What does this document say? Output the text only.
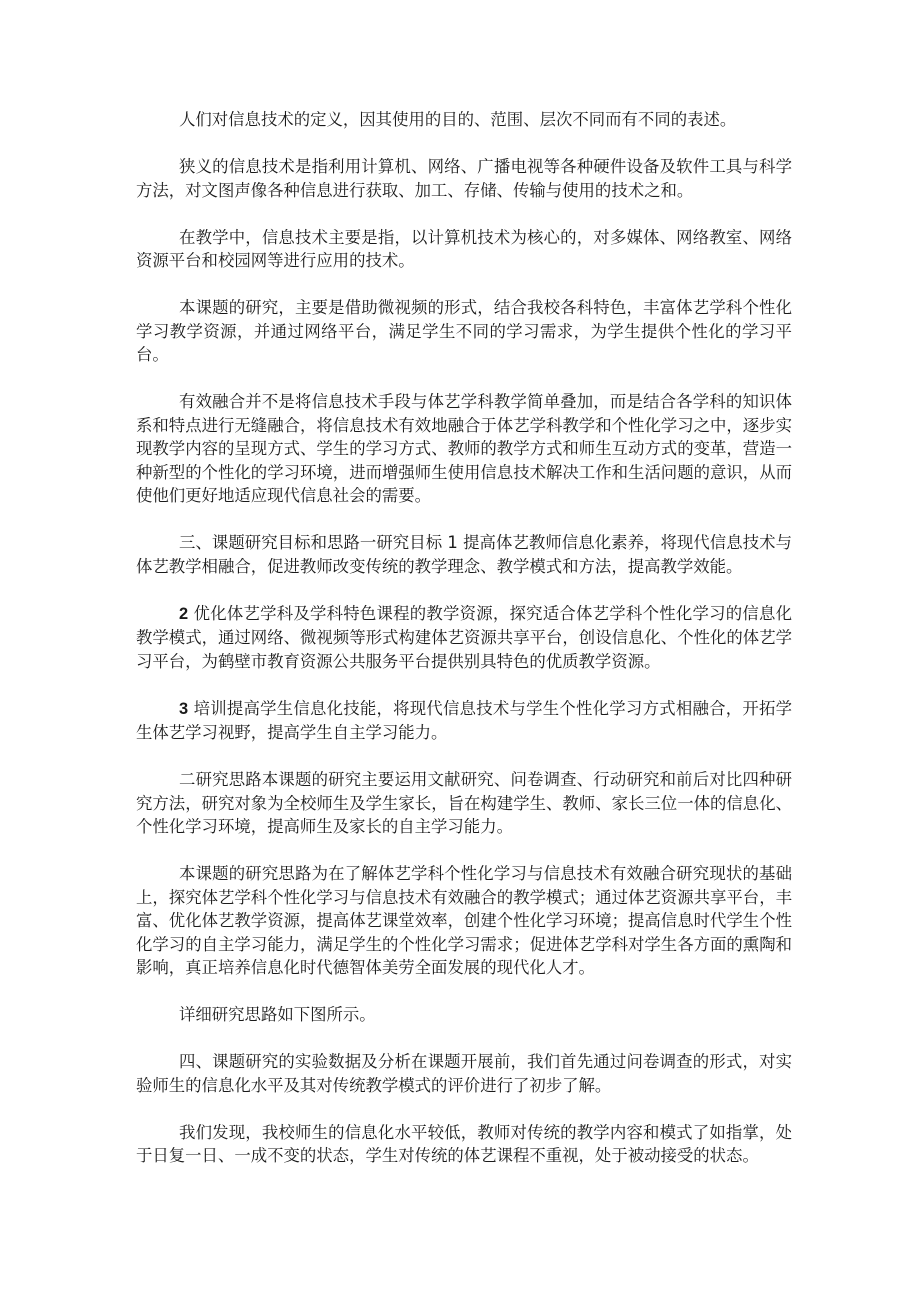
人们对信息技术的定义，因其使用的目的、范围、层次不同而有不同的表述。

狭义的信息技术是指利用计算机、网络、广播电视等各种硬件设备及软件工具与科学方法，对文图声像各种信息进行获取、加工、存储、传输与使用的技术之和。

在教学中，信息技术主要是指，以计算机技术为核心的，对多媒体、网络教室、网络资源平台和校园网等进行应用的技术。

本课题的研究，主要是借助微视频的形式，结合我校各科特色，丰富体艺学科个性化学习教学资源，并通过网络平台，满足学生不同的学习需求，为学生提供个性化的学习平台。

有效融合并不是将信息技术手段与体艺学科教学简单叠加，而是结合各学科的知识体系和特点进行无缝融合，将信息技术有效地融合于体艺学科教学和个性化学习之中，逐步实现教学内容的呈现方式、学生的学习方式、教师的教学方式和师生互动方式的变革，营造一种新型的个性化的学习环境，进而增强师生使用信息技术解决工作和生活问题的意识，从而使他们更好地适应现代信息社会的需要。

三、课题研究目标和思路一研究目标 1 提高体艺教师信息化素养，将现代信息技术与体艺教学相融合，促进教师改变传统的教学理念、教学模式和方法，提高教学效能。

2 优化体艺学科及学科特色课程的教学资源，探究适合体艺学科个性化学习的信息化教学模式，通过网络、微视频等形式构建体艺资源共享平台，创设信息化、个性化的体艺学习平台，为鹤壁市教育资源公共服务平台提供别具特色的优质教学资源。

3 培训提高学生信息化技能，将现代信息技术与学生个性化学习方式相融合，开拓学生体艺学习视野，提高学生自主学习能力。

二研究思路本课题的研究主要运用文献研究、问卷调查、行动研究和前后对比四种研究方法，研究对象为全校师生及学生家长，旨在构建学生、教师、家长三位一体的信息化、个性化学习环境，提高师生及家长的自主学习能力。

本课题的研究思路为在了解体艺学科个性化学习与信息技术有效融合研究现状的基础上，探究体艺学科个性化学习与信息技术有效融合的教学模式；通过体艺资源共享平台，丰富、优化体艺教学资源，提高体艺课堂效率，创建个性化学习环境；提高信息时代学生个性化学习的自主学习能力，满足学生的个性化学习需求；促进体艺学科对学生各方面的熏陶和影响，真正培养信息化时代德智体美劳全面发展的现代化人才。

详细研究思路如下图所示。

四、课题研究的实验数据及分析在课题开展前，我们首先通过问卷调查的形式，对实验师生的信息化水平及其对传统教学模式的评价进行了初步了解。

我们发现，我校师生的信息化水平较低，教师对传统的教学内容和模式了如指掌，处于日复一日、一成不变的状态，学生对传统的体艺课程不重视，处于被动接受的状态。
